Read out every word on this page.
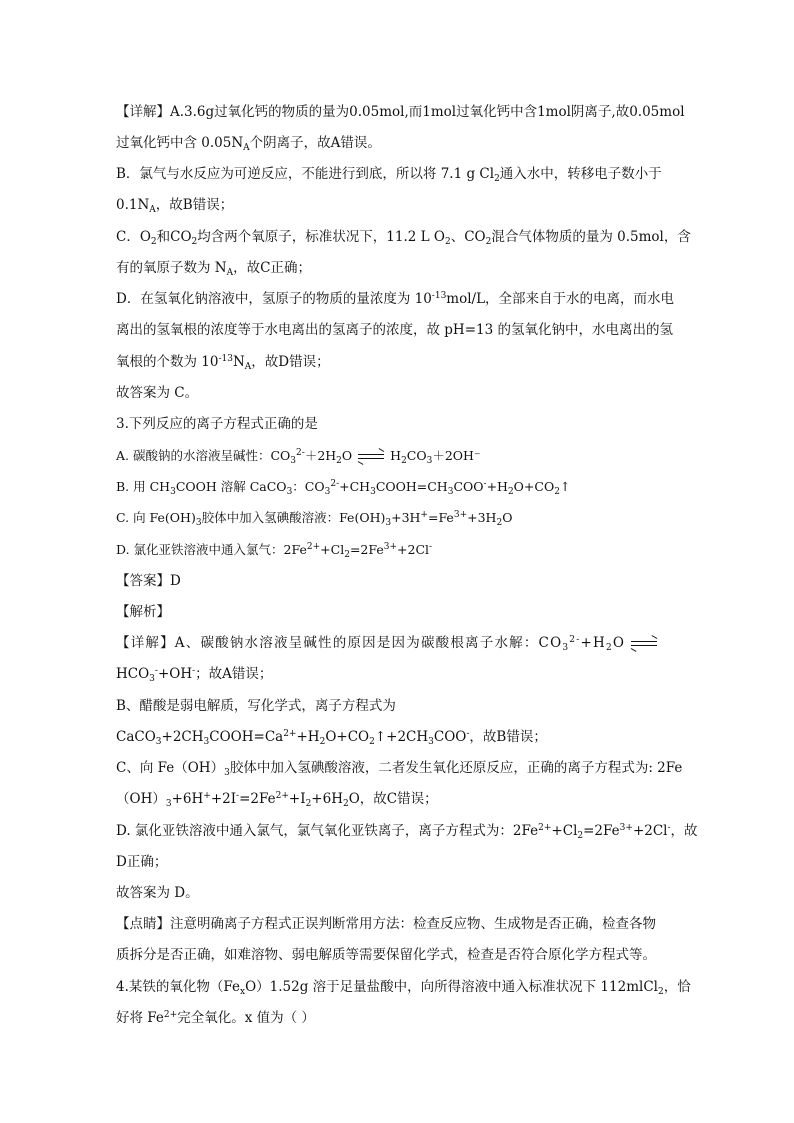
【详解】A.3.6g过氧化钙的物质的量为0.05mol,而1mol过氧化钙中含1mol阴离子,故0.05mol
过氧化钙中含 $0.05N_A$个阴离子，故A错误。
B．氯气与水反应为可逆反应，不能进行到底，所以将 7.1 g $Cl_2$通入水中，转移电子数小于
$0.1N_A$，故B错误；
C．$O_2$和$CO_2$均含两个氧原子，标准状况下，11.2 L $O_2$、$CO_2$混合气体物质的量为 0.5mol，含
有的氧原子数为 $N_A$，故C正确；
D．在氢氧化钠溶液中，氢原子的物质的量浓度为 $10^{-13}mol/L$，全部来自于水的电离，而水电
离出的氢氧根的浓度等于水电离出的氢离子的浓度，故 pH=13 的氢氧化钠中，水电离出的氢
氧根的个数为 $10^{-13}N_A$，故D错误；
故答案为 C。
3.下列反应的离子方程式正确的是
A. 碳酸钠的水溶液呈碱性：$CO_3^{2-}+2H_2O$	$H_2CO_3+2OH^-$
B. 用 $CH_3COOH$ 溶解 CaCO$_3$：$CO_3^{2-}+CH_3COOH=CH_3COO^-+H_2O+CO_2↑$
C. 向 $Fe(OH)_3$胶体中加入氢碘酸溶液：$Fe(OH)_3+3H^+=Fe^{3+}+3H_2O$
D. 氯化亚铁溶液中通入氯气：$2Fe^{2+}+Cl_2=2Fe^{3+}+2Cl^-$
【答案】D
【解析】
【详解】A、碳酸钠水溶液呈碱性的原因是因为碳酸根离子水解：$CO_3^{2-}+H_2O$
$HCO_3^-+OH^-$；故A错误；
B、醋酸是弱电解质，写化学式，离子方程式为
$CaCO_3+2CH_3COOH=Ca^{2+}+H_2O+CO_2↑+2CH_3COO^-$，故B错误；
C、向 $Fe(OH)_3$胶体中加入氢碘酸溶液，二者发生氧化还原反应，正确的离子方程式为: 2Fe
$(OH)_3+6H^++2I^-=2Fe^{2+}+I_2+6H_2O$，故C错误；
D. 氯化亚铁溶液中通入氯气，氯气氧化亚铁离子，离子方程式为：$2Fe^{2+}+Cl_2=2Fe^{3+}+2Cl^-$，故
D正确；
故答案为 D。
【点睛】注意明确离子方程式正误判断常用方法：检查反应物、生成物是否正确，检查各物
质拆分是否正确，如难溶物、弱电解质等需要保留化学式，检查是否符合原化学方程式等。
4.某铁的氧化物$(Fe_xO)1.52g$ 溶于足量盐酸中，向所得溶液中通入标准状况下 112mlCl$_2$，恰
好将 $Fe^{2+}$完全氧化。x 值为（ ）
